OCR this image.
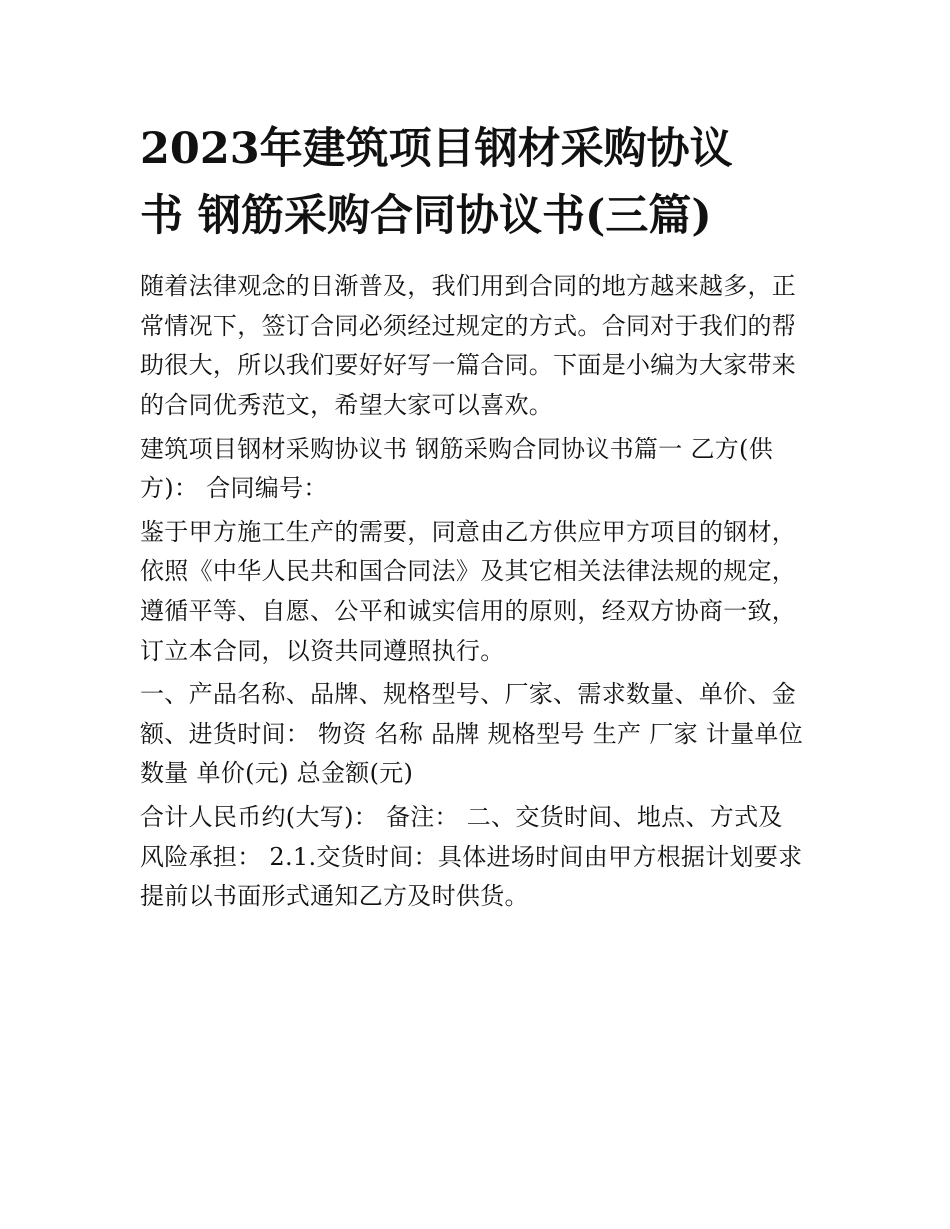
2023年建筑项目钢材采购协议
书 钢筋采购合同协议书(三篇)

随着法律观念的日渐普及，我们用到合同的地方越来越多，正
常情况下，签订合同必须经过规定的方式。合同对于我们的帮
助很大，所以我们要好好写一篇合同。下面是小编为大家带来
的合同优秀范文，希望大家可以喜欢。

建筑项目钢材采购协议书 钢筋采购合同协议书篇一 乙方(供
方)： 合同编号：

鉴于甲方施工生产的需要，同意由乙方供应甲方项目的钢材，
依照《中华人民共和国合同法》及其它相关法律法规的规定，
遵循平等、自愿、公平和诚实信用的原则，经双方协商一致，
订立本合同，以资共同遵照执行。

一、产品名称、品牌、规格型号、厂家、需求数量、单价、金
额、进货时间： 物资 名称 品牌 规格型号 生产 厂家 计量单位
数量 单价(元) 总金额(元)

合计人民币约(大写)： 备注： 二、交货时间、地点、方式及
风险承担： 2.1.交货时间：具体进场时间由甲方根据计划要求
提前以书面形式通知乙方及时供货。
